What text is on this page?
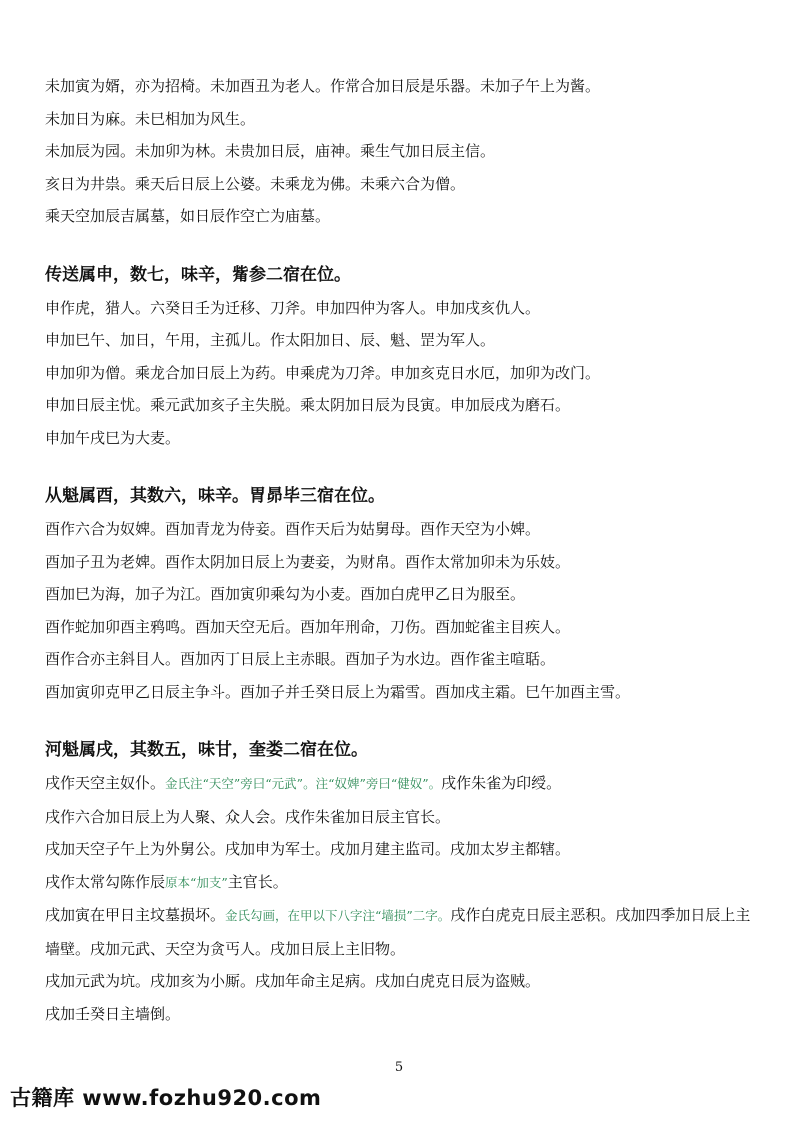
未加寅为婿，亦为招椅。未加酉丑为老人。作常合加日辰是乐器。未加子午上为酱。
未加日为麻。未巳相加为风生。
未加辰为园。未加卯为林。未贵加日辰，庙神。乘生气加日辰主信。
亥日为井祟。乘天后日辰上公婆。未乘龙为佛。未乘六合为僧。
乘天空加辰吉属墓，如日辰作空亡为庙墓。
传送属申，数七，味辛，觜参二宿在位。
申作虎，猎人。六癸日壬为迁移、刀斧。申加四仲为客人。申加戌亥仇人。
申加巳午、加日，午用，主孤儿。作太阳加日、辰、魁、罡为军人。
申加卯为僧。乘龙合加日辰上为药。申乘虎为刀斧。申加亥克日水厄，加卯为改门。
申加日辰主忧。乘元武加亥子主失脱。乘太阴加日辰为艮寅。申加辰戌为磨石。
申加午戌巳为大麦。
从魁属酉，其数六，味辛。胃昴毕三宿在位。
酉作六合为奴婢。酉加青龙为侍妾。酉作天后为姑舅母。酉作天空为小婢。
酉加子丑为老婢。酉作太阴加日辰上为妻妾，为财帛。酉作太常加卯未为乐妓。
酉加巳为海，加子为江。酉加寅卯乘勾为小麦。酉加白虎甲乙日为服至。
酉作蛇加卯酉主鸦鸣。酉加天空无后。酉加年刑命，刀伤。酉加蛇雀主目疾人。
酉作合亦主斜目人。酉加丙丁日辰上主赤眼。酉加子为水边。酉作雀主喧聒。
酉加寅卯克甲乙日辰主争斗。酉加子并壬癸日辰上为霜雪。酉加戌主霜。巳午加酉主雪。
河魁属戌，其数五，味甘，奎娄二宿在位。
戌作天空主奴仆。金氏注“天空”旁曰“元武”。注“奴婢”旁曰“健奴”。戌作朱雀为印绶。
戌作六合加日辰上为人聚、众人会。戌作朱雀加日辰主官长。
戌加天空子午上为外舅公。戌加申为军士。戌加月建主监司。戌加太岁主都辖。
戌作太常勾陈作辰原本“加支”主官长。
戌加寅在甲日主坟墓损坏。金氏勾画，在甲以下八字注“墙损”二字。戌作白虎克日辰主恶积。戌加四季加日辰上主墙壁。戌加元武、天空为贪丐人。戌加日辰上主旧物。
戌加元武为坑。戌加亥为小厮。戌加年命主足病。戌加白虎克日辰为盗贼。
戌加壬癸日主墙倒。
5
古籍库 www.fozhu920.com
